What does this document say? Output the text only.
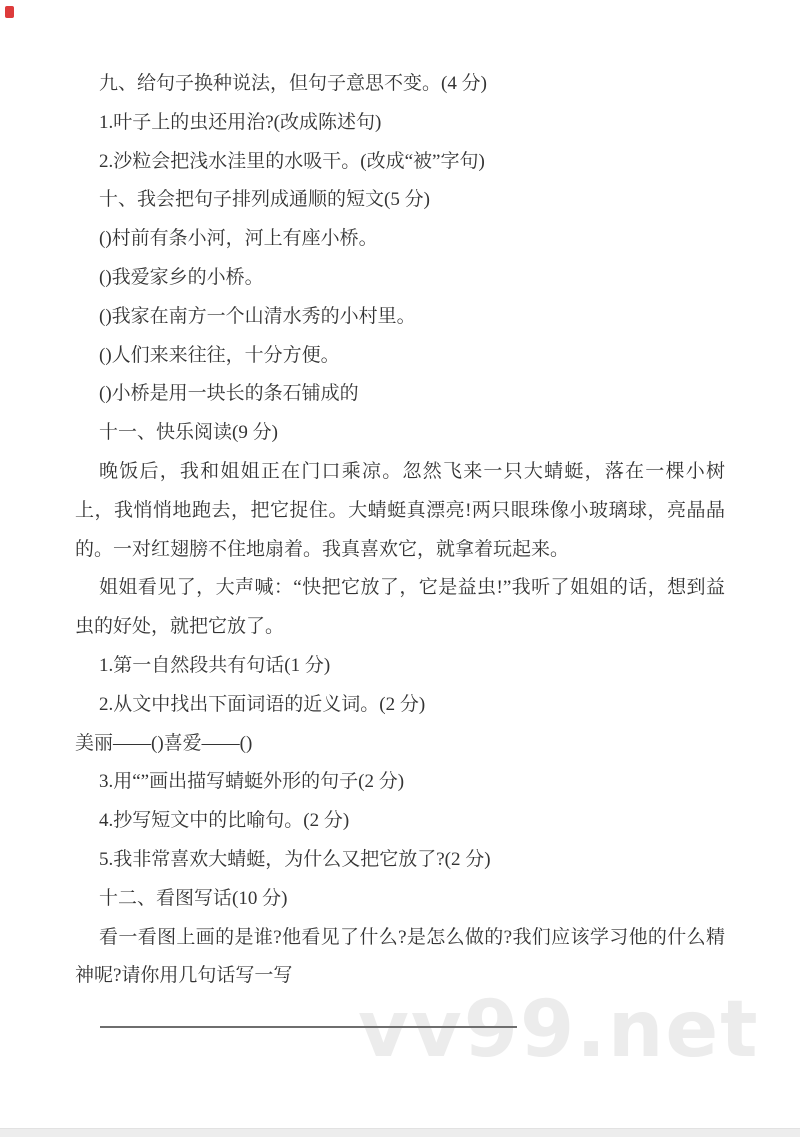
vv99.net
九、给句子换种说法，但句子意思不变。(4 分)
1.叶子上的虫还用治?(改成陈述句)
2.沙粒会把浅水洼里的水吸干。(改成“被”字句)
十、我会把句子排列成通顺的短文(5 分)
()村前有条小河，河上有座小桥。
()我爱家乡的小桥。
()我家在南方一个山清水秀的小村里。
()人们来来往往，十分方便。
()小桥是用一块长的条石铺成的
十一、快乐阅读(9 分)
晚饭后，我和姐姐正在门口乘凉。忽然飞来一只大蜻蜓，落在一棵小树
上，我悄悄地跑去，把它捉住。大蜻蜓真漂亮!两只眼珠像小玻璃球，亮晶晶
的。一对红翅膀不住地扇着。我真喜欢它，就拿着玩起来。
姐姐看见了，大声喊：“快把它放了，它是益虫!”我听了姐姐的话，想到益
虫的好处，就把它放了。
1.第一自然段共有句话(1 分)
2.从文中找出下面词语的近义词。(2 分)
美丽——()喜爱——()
3.用“”画出描写蜻蜓外形的句子(2 分)
4.抄写短文中的比喻句。(2 分)
5.我非常喜欢大蜻蜓，为什么又把它放了?(2 分)
十二、看图写话(10 分)
看一看图上画的是谁?他看见了什么?是怎么做的?我们应该学习他的什么精
神呢?请你用几句话写一写
